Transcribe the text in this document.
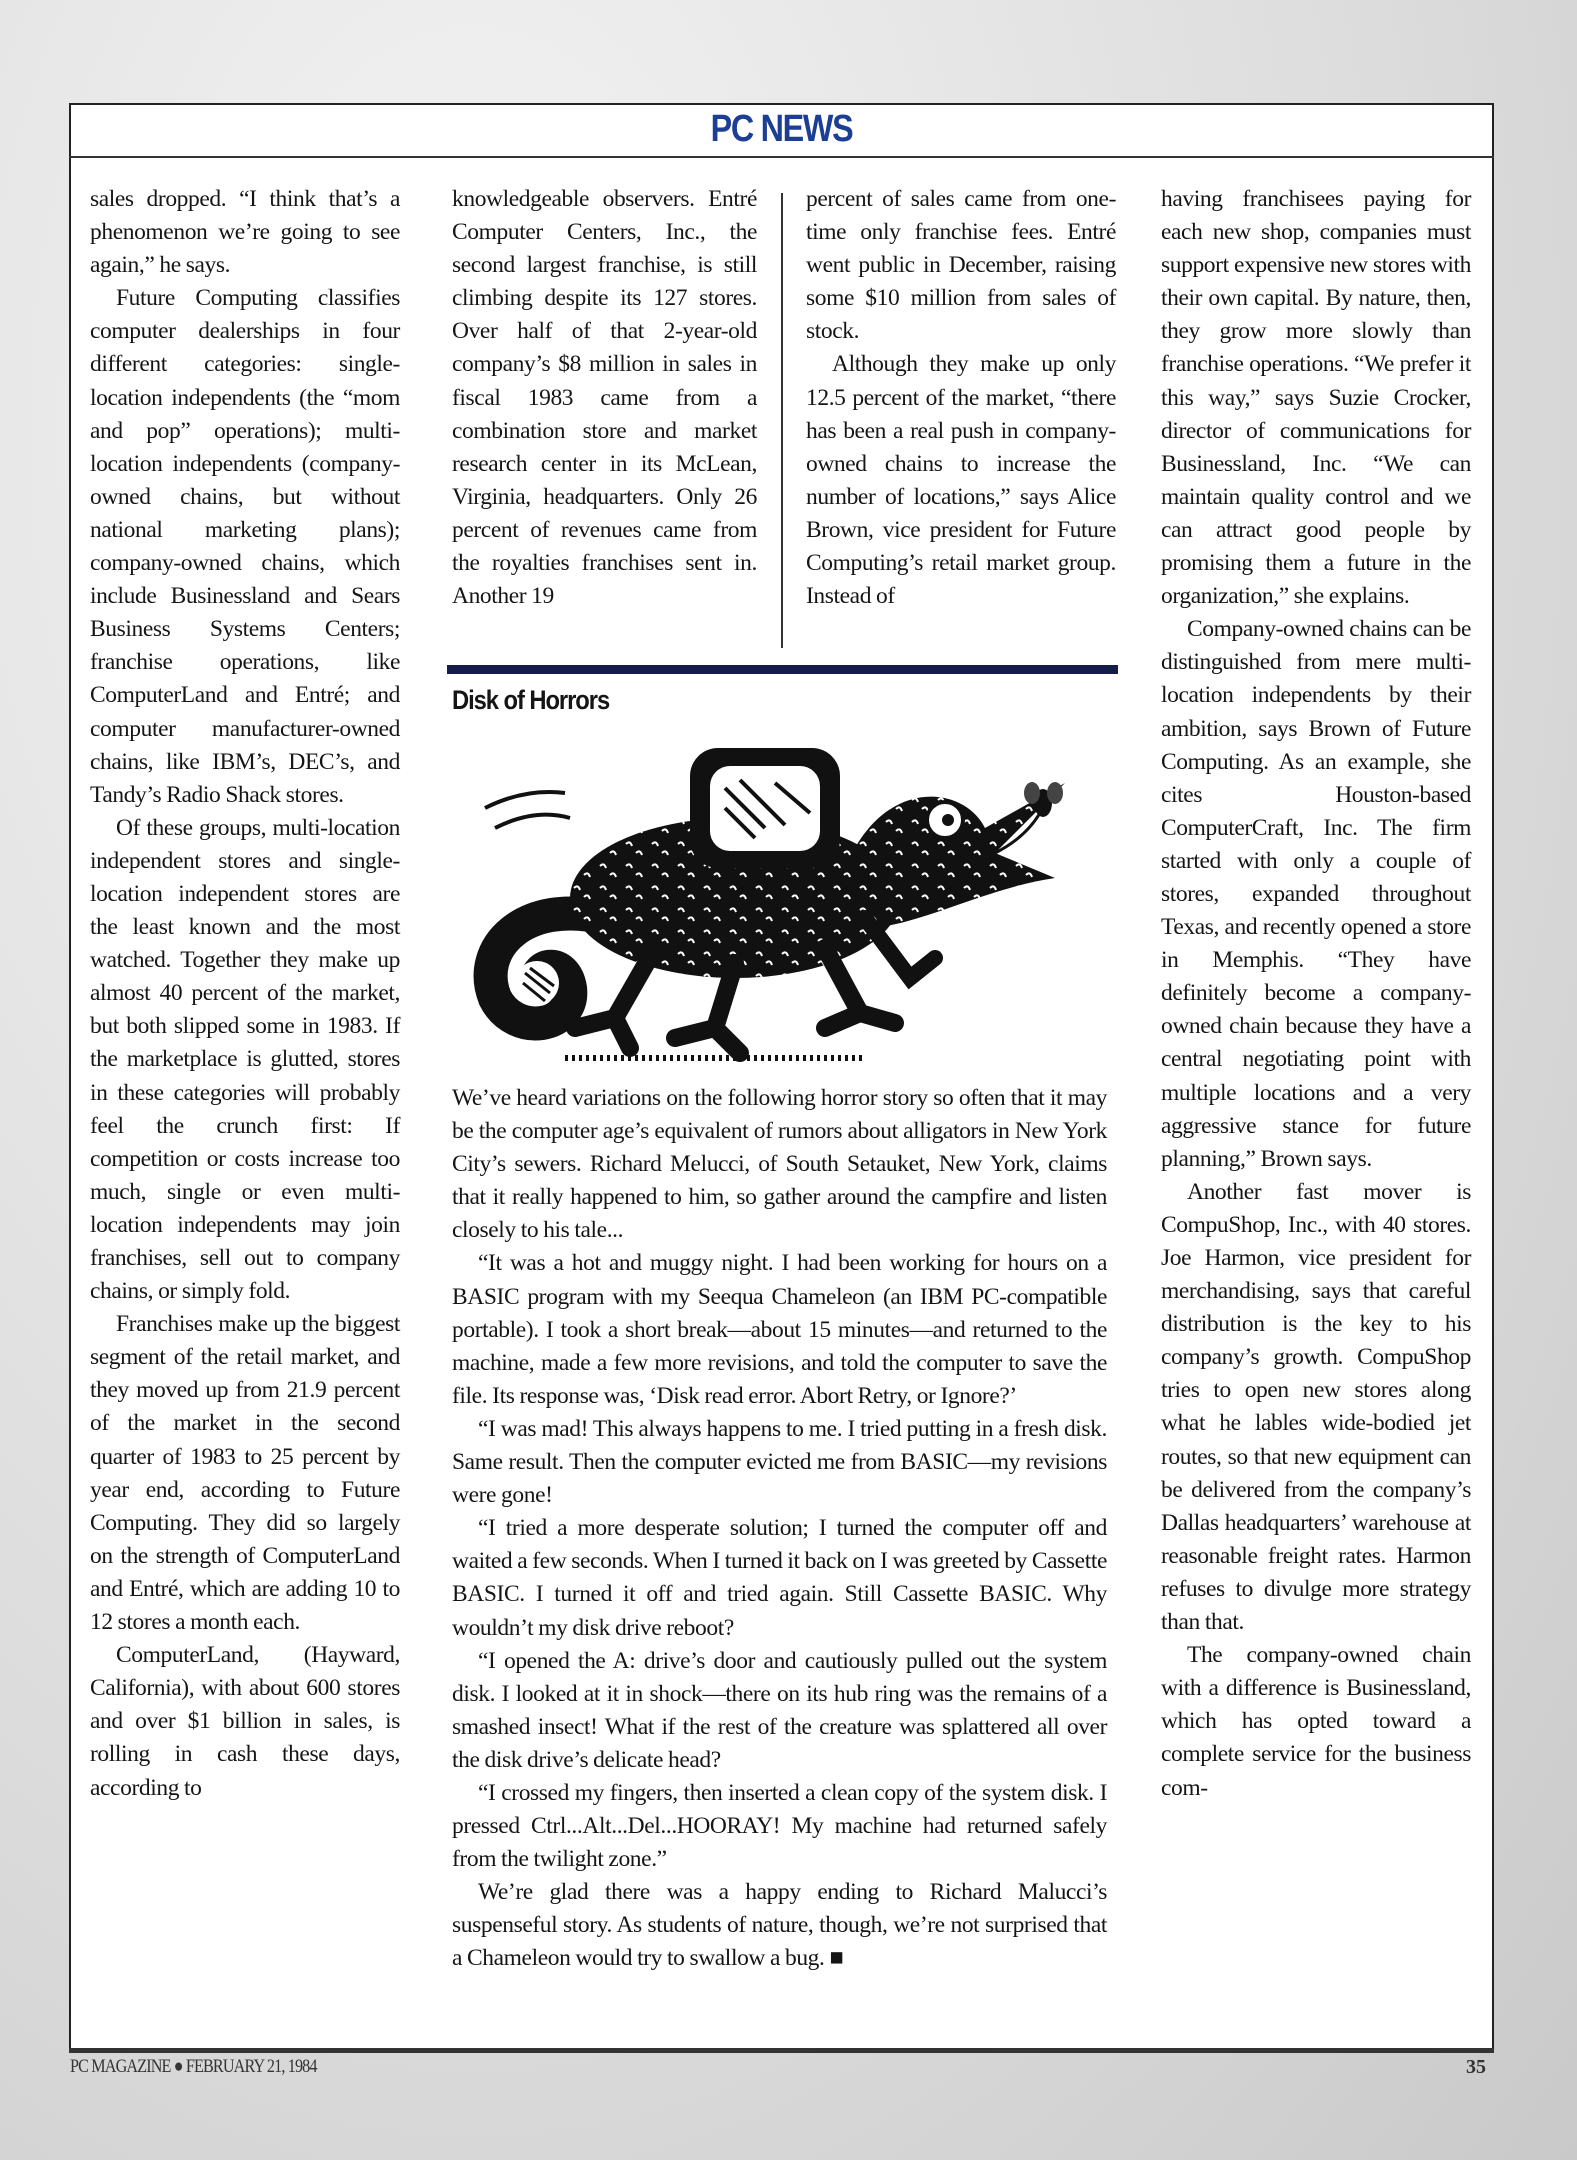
PC NEWS

sales dropped. “I think that’s a phenomenon we’re going to see again,” he says.

Future Computing classifies computer dealerships in four different categories: single-location independents (the “mom and pop” operations); multi-location independents (company-owned chains, but without national marketing plans); company-owned chains, which include Businessland and Sears Business Systems Centers; franchise operations, like ComputerLand and Entré; and computer manufacturer-owned chains, like IBM’s, DEC’s, and Tandy’s Radio Shack stores.

Of these groups, multi-location independent stores and single-location independent stores are the least known and the most watched. Together they make up almost 40 percent of the market, but both slipped some in 1983. If the marketplace is glutted, stores in these categories will probably feel the crunch first: If competition or costs increase too much, single or even multi-location independents may join franchises, sell out to company chains, or simply fold.

Franchises make up the biggest segment of the retail market, and they moved up from 21.9 percent of the market in the second quarter of 1983 to 25 percent by year end, according to Future Computing. They did so largely on the strength of ComputerLand and Entré, which are adding 10 to 12 stores a month each.

ComputerLand, (Hayward, California), with about 600 stores and over $1 billion in sales, is rolling in cash these days, according to

knowledgeable observers. Entré Computer Centers, Inc., the second largest franchise, is still climbing despite its 127 stores. Over half of that 2-year-old company’s $8 million in sales in fiscal 1983 came from a combination store and market research center in its McLean, Virginia, headquarters. Only 26 percent of revenues came from the royalties franchises sent in. Another 19

percent of sales came from one-time only franchise fees. Entré went public in December, raising some $10 million from sales of stock.

Although they make up only 12.5 percent of the market, “there has been a real push in company-owned chains to increase the number of locations,” says Alice Brown, vice president for Future Computing’s retail market group. Instead of

having franchisees paying for each new shop, companies must support expensive new stores with their own capital. By nature, then, they grow more slowly than franchise operations. “We prefer it this way,” says Suzie Crocker, director of communications for Businessland, Inc. “We can maintain quality control and we can attract good people by promising them a future in the organization,” she explains.

Company-owned chains can be distinguished from mere multi-location independents by their ambition, says Brown of Future Computing. As an example, she cites Houston-based ComputerCraft, Inc. The firm started with only a couple of stores, expanded throughout Texas, and recently opened a store in Memphis. “They have definitely become a company-owned chain because they have a central negotiating point with multiple locations and a very aggressive stance for future planning,” Brown says.

Another fast mover is CompuShop, Inc., with 40 stores. Joe Harmon, vice president for merchandising, says that careful distribution is the key to his company’s growth. CompuShop tries to open new stores along what he lables wide-bodied jet routes, so that new equipment can be delivered from the company’s Dallas headquarters’ warehouse at reasonable freight rates. Harmon refuses to divulge more strategy than that.

The company-owned chain with a difference is Businessland, which has opted toward a complete service for the business com-

Disk of Horrors

We’ve heard variations on the following horror story so often that it may be the computer age’s equivalent of rumors about alligators in New York City’s sewers. Richard Melucci, of South Setauket, New York, claims that it really happened to him, so gather around the campfire and listen closely to his tale...

“It was a hot and muggy night. I had been working for hours on a BASIC program with my Seequa Chameleon (an IBM PC-compatible portable). I took a short break—about 15 minutes—and returned to the machine, made a few more revisions, and told the computer to save the file. Its response was, ‘Disk read error. Abort Retry, or Ignore?’

“I was mad! This always happens to me. I tried putting in a fresh disk. Same result. Then the computer evicted me from BASIC—my revisions were gone!

“I tried a more desperate solution; I turned the computer off and waited a few seconds. When I turned it back on I was greeted by Cassette BASIC. I turned it off and tried again. Still Cassette BASIC. Why wouldn’t my disk drive reboot?

“I opened the A: drive’s door and cautiously pulled out the system disk. I looked at it in shock—there on its hub ring was the remains of a smashed insect! What if the rest of the creature was splattered all over the disk drive’s delicate head?

“I crossed my fingers, then inserted a clean copy of the system disk. I pressed Ctrl...Alt...Del...HOORAY! My machine had returned safely from the twilight zone.”

We’re glad there was a happy ending to Richard Malucci’s suspenseful story. As students of nature, though, we’re not surprised that a Chameleon would try to swallow a bug. ■

PC MAGAZINE ● FEBRUARY 21, 1984	35
